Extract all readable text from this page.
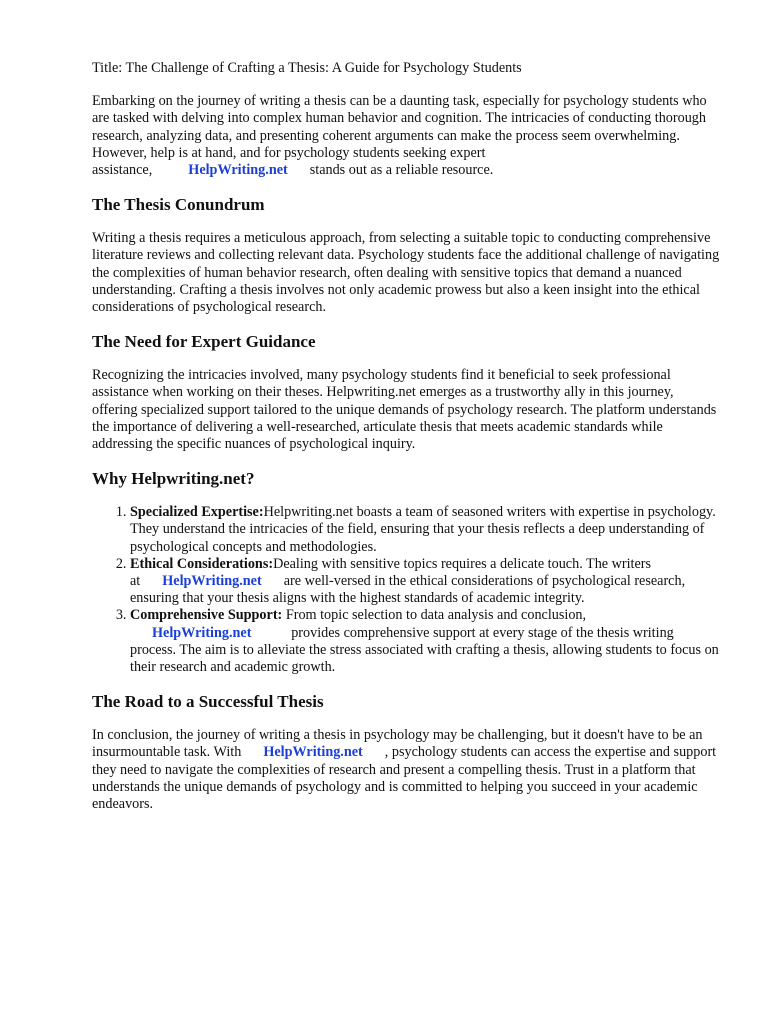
Title: The Challenge of Crafting a Thesis: A Guide for Psychology Students

Embarking on the journey of writing a thesis can be a daunting task, especially for psychology students who are tasked with delving into complex human behavior and cognition. The intricacies of conducting thorough research, analyzing data, and presenting coherent arguments can make the process seem overwhelming. However, help is at hand, and for psychology students seeking expert assistance,	HelpWriting.net stands out as a reliable resource.

The Thesis Conundrum

Writing a thesis requires a meticulous approach, from selecting a suitable topic to conducting comprehensive literature reviews and collecting relevant data. Psychology students face the additional challenge of navigating the complexities of human behavior research, often dealing with sensitive topics that demand a nuanced understanding. Crafting a thesis involves not only academic prowess but also a keen insight into the ethical considerations of psychological research.

The Need for Expert Guidance

Recognizing the intricacies involved, many psychology students find it beneficial to seek professional assistance when working on their theses. Helpwriting.net emerges as a trustworthy ally in this journey, offering specialized support tailored to the unique demands of psychology research. The platform understands the importance of delivering a well-researched, articulate thesis that meets academic standards while addressing the specific nuances of psychological inquiry.

Why Helpwriting.net?
1. Specialized Expertise:Helpwriting.net boasts a team of seasoned writers with expertise in psychology. They understand the intricacies of the field, ensuring that your thesis reflects a deep understanding of psychological concepts and methodologies.
2. Ethical Considerations:Dealing with sensitive topics requires a delicate touch. The writers at HelpWriting.net are well-versed in the ethical considerations of psychological research, ensuring that your thesis aligns with the highest standards of academic integrity.
3. Comprehensive Support: From topic selection to data analysis and conclusion, HelpWriting.net	provides comprehensive support at every stage of the thesis writing process. The aim is to alleviate the stress associated with crafting a thesis, allowing students to focus on their research and academic growth.
The Road to a Successful Thesis

In conclusion, the journey of writing a thesis in psychology may be challenging, but it doesn't have to be an insurmountable task. With HelpWriting.net , psychology students can access the expertise and support they need to navigate the complexities of research and present a compelling thesis. Trust in a platform that understands the unique demands of psychology and is committed to helping you succeed in your academic endeavors.
